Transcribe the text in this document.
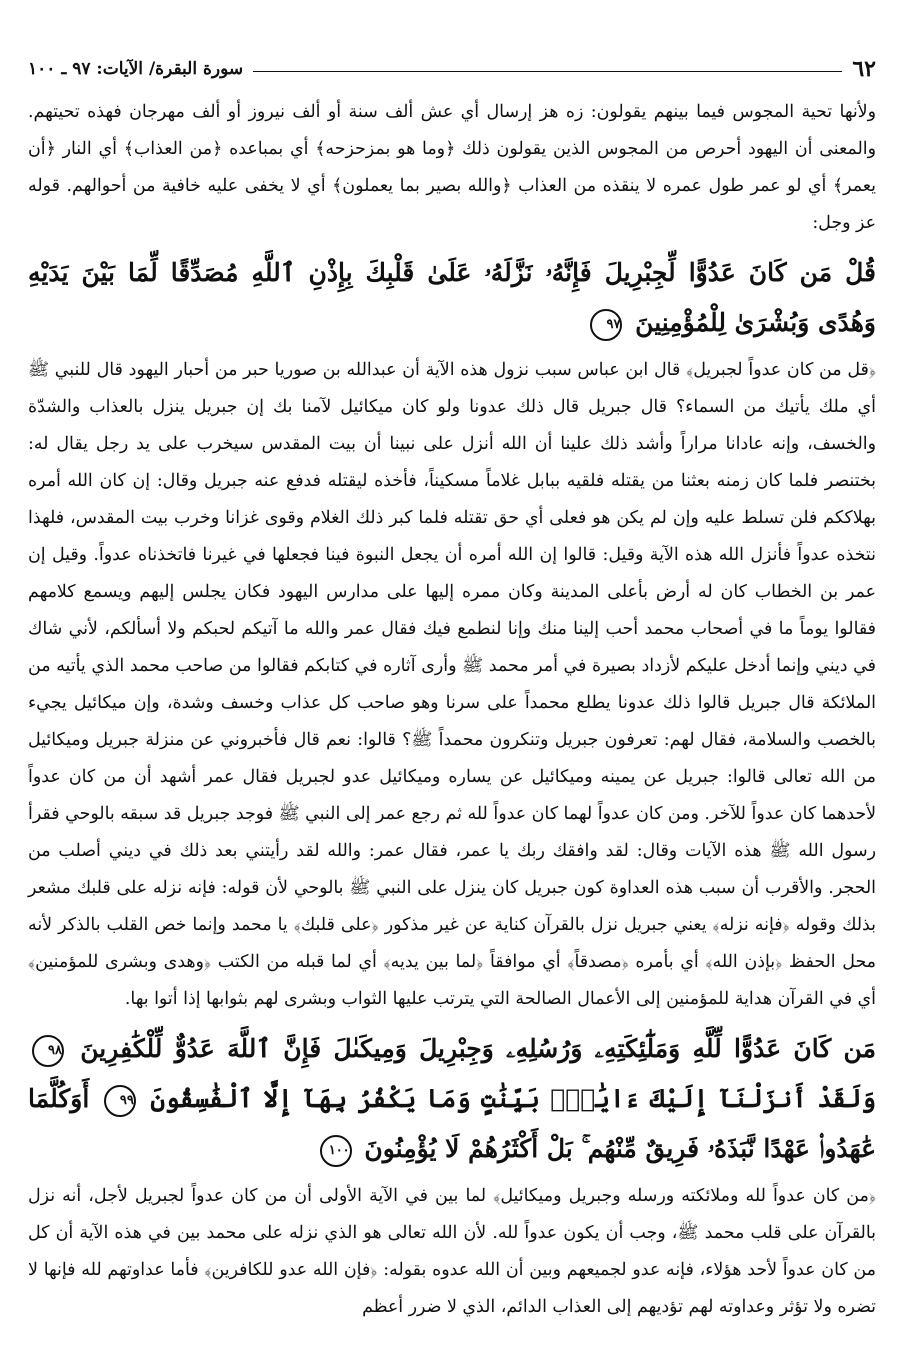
٦٢
سورة البقرة/ الآيات: ٩٧ ـ ١٠٠

ولأنها تحية المجوس فيما بينهم يقولون: زه هز إرسال أي عش ألف سنة أو ألف نيروز أو ألف مهرجان فهذه تحيتهم. والمعنى أن اليهود أحرص من المجوس الذين يقولون ذلك ﴿وما هو بمزحزحه﴾ أي بمباعده ﴿من العذاب﴾ أي النار ﴿أن يعمر﴾ أي لو عمر طول عمره لا ينقذه من العذاب ﴿والله بصير بما يعملون﴾ أي لا يخفى عليه خافية من أحوالهم. قوله عز وجل:

قُلْ مَن كَانَ عَدُوًّا لِّجِبْرِيلَ فَإِنَّهُۥ نَزَّلَهُۥ عَلَىٰ قَلْبِكَ بِإِذْنِ ٱللَّهِ مُصَدِّقًا لِّمَا بَيْنَ يَدَيْهِ وَهُدًى وَبُشْرَىٰ لِلْمُؤْمِنِينَ ٩٧

﴿قل من كان عدواً لجبريل﴾ قال ابن عباس سبب نزول هذه الآية أن عبدالله بن صوريا حبر من أحبار اليهود قال للنبي ﷺ أي ملك يأتيك من السماء؟ قال جبريل قال ذلك عدونا ولو كان ميكائيل لآمنا بك إن جبريل ينزل بالعذاب والشدّة والخسف، وإنه عادانا مراراً وأشد ذلك علينا أن الله أنزل على نبينا أن بيت المقدس سيخرب على يد رجل يقال له: بختنصر فلما كان زمنه بعثنا من يقتله فلقيه ببابل غلاماً مسكيناً، فأخذه ليقتله فدفع عنه جبريل وقال: إن كان الله أمره بهلاككم فلن تسلط عليه وإن لم يكن هو فعلى أي حق تقتله فلما كبر ذلك الغلام وقوى غزانا وخرب بيت المقدس، فلهذا نتخذه عدواً فأنزل الله هذه الآية وقيل: قالوا إن الله أمره أن يجعل النبوة فينا فجعلها في غيرنا فاتخذناه عدواً. وقيل إن عمر بن الخطاب كان له أرض بأعلى المدينة وكان ممره إليها على مدارس اليهود فكان يجلس إليهم ويسمع كلامهم فقالوا يوماً ما في أصحاب محمد أحب إلينا منك وإنا لنطمع فيك فقال عمر والله ما آتيكم لحبكم ولا أسألكم، لأني شاك في ديني وإنما أدخل عليكم لأزداد بصيرة في أمر محمد ﷺ وأرى آثاره في كتابكم فقالوا من صاحب محمد الذي يأتيه من الملائكة قال جبريل قالوا ذلك عدونا يطلع محمداً على سرنا وهو صاحب كل عذاب وخسف وشدة، وإن ميكائيل يجيء بالخصب والسلامة، فقال لهم: تعرفون جبريل وتنكرون محمداً ﷺ؟ قالوا: نعم قال فأخبروني عن منزلة جبريل وميكائيل من الله تعالى قالوا: جبريل عن يمينه وميكائيل عن يساره وميكائيل عدو لجبريل فقال عمر أشهد أن من كان عدواً لأحدهما كان عدواً للآخر. ومن كان عدواً لهما كان عدواً لله ثم رجع عمر إلى النبي ﷺ فوجد جبريل قد سبقه بالوحي فقرأ رسول الله ﷺ هذه الآيات وقال: لقد وافقك ربك يا عمر، فقال عمر: والله لقد رأيتني بعد ذلك في ديني أصلب من الحجر. والأقرب أن سبب هذه العداوة كون جبريل كان ينزل على النبي ﷺ بالوحي لأن قوله: فإنه نزله على قلبك مشعر بذلك وقوله ﴿فإنه نزله﴾ يعني جبريل نزل بالقرآن كناية عن غير مذكور ﴿على قلبك﴾ يا محمد وإنما خص القلب بالذكر لأنه محل الحفظ ﴿بإذن الله﴾ أي بأمره ﴿مصدقاً﴾ أي موافقاً ﴿لما بين يديه﴾ أي لما قبله من الكتب ﴿وهدى وبشرى للمؤمنين﴾ أي في القرآن هداية للمؤمنين إلى الأعمال الصالحة التي يترتب عليها الثواب وبشرى لهم بثوابها إذا أتوا بها.

مَن كَانَ عَدُوًّا لِّلَّهِ وَمَلَٰٓئِكَتِهِۦ وَرُسُلِهِۦ وَجِبْرِيلَ وَمِيكَىٰلَ فَإِنَّ ٱللَّهَ عَدُوٌّ لِّلْكَٰفِرِينَ ٩٨ وَلَقَدْ أَنزَلْنَآ إِلَيْكَ ءَايَٰتٍۭ بَيِّنَٰتٍ وَمَا يَكْفُرُ بِهَآ إِلَّا ٱلْفَٰسِقُونَ ٩٩ أَوَكُلَّمَا عَٰهَدُوا۟ عَهْدًا نَّبَذَهُۥ فَرِيقٌ مِّنْهُم ۚ بَلْ أَكْثَرُهُمْ لَا يُؤْمِنُونَ ١٠٠

﴿من كان عدواً لله وملائكته ورسله وجبريل وميكائيل﴾ لما بين في الآية الأولى أن من كان عدواً لجبريل لأجل، أنه نزل بالقرآن على قلب محمد ﷺ، وجب أن يكون عدواً لله. لأن الله تعالى هو الذي نزله على محمد بين في هذه الآية أن كل من كان عدواً لأحد هؤلاء، فإنه عدو لجميعهم وبين أن الله عدوه بقوله: ﴿فإن الله عدو للكافرين﴾ فأما عداوتهم لله فإنها لا تضره ولا تؤثر وعداوته لهم تؤديهم إلى العذاب الدائم، الذي لا ضرر أعظم
